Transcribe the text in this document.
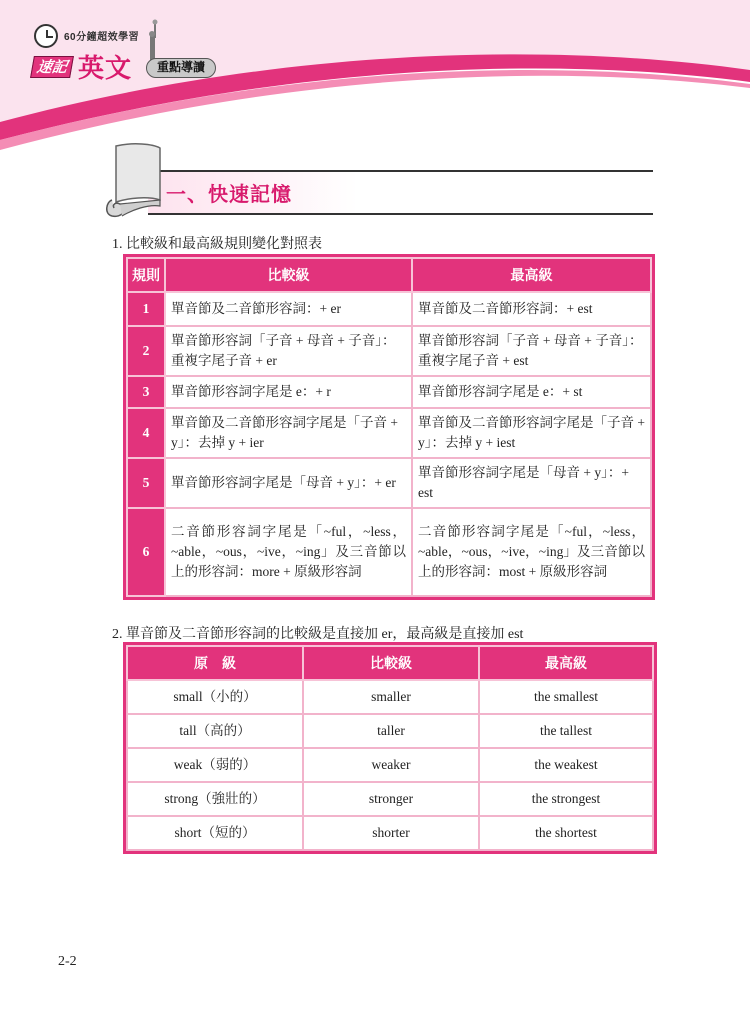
60分鐘超效學習
速記 英文	重點導讀
一、快速記憶
1. 比較級和最高級規則變化對照表
規則	比較級	最高級
1	單音節及二音節形容詞：+ er	單音節及二音節形容詞：+ est
2	單音節形容詞「子音 + 母音 + 子音」：重複字尾子音 + er	單音節形容詞「子音 + 母音 + 子音」：重複字尾子音 + est
3	單音節形容詞字尾是 e：+ r	單音節形容詞字尾是 e：+ st
4	單音節及二音節形容詞字尾是「子音 + y」：去掉 y + ier	單音節及二音節形容詞字尾是「子音 + y」：去掉 y + iest
5	單音節形容詞字尾是「母音 + y」：+ er	單音節形容詞字尾是「母音 + y」：+ est
6	二音節形容詞字尾是「~ful，~less，~able，~ous，~ive，~ing」及三音節以上的形容詞：more + 原級形容詞	二音節形容詞字尾是「~ful，~less，~able，~ous，~ive，~ing」及三音節以上的形容詞：most + 原級形容詞
2. 單音節及二音節形容詞的比較級是直接加 er，最高級是直接加 est
原　級	比較級	最高級
small（小的）	smaller	the smallest
tall（高的）	taller	the tallest
weak（弱的）	weaker	the weakest
strong（強壯的）	stronger	the strongest
short（短的）	shorter	the shortest
2-2
